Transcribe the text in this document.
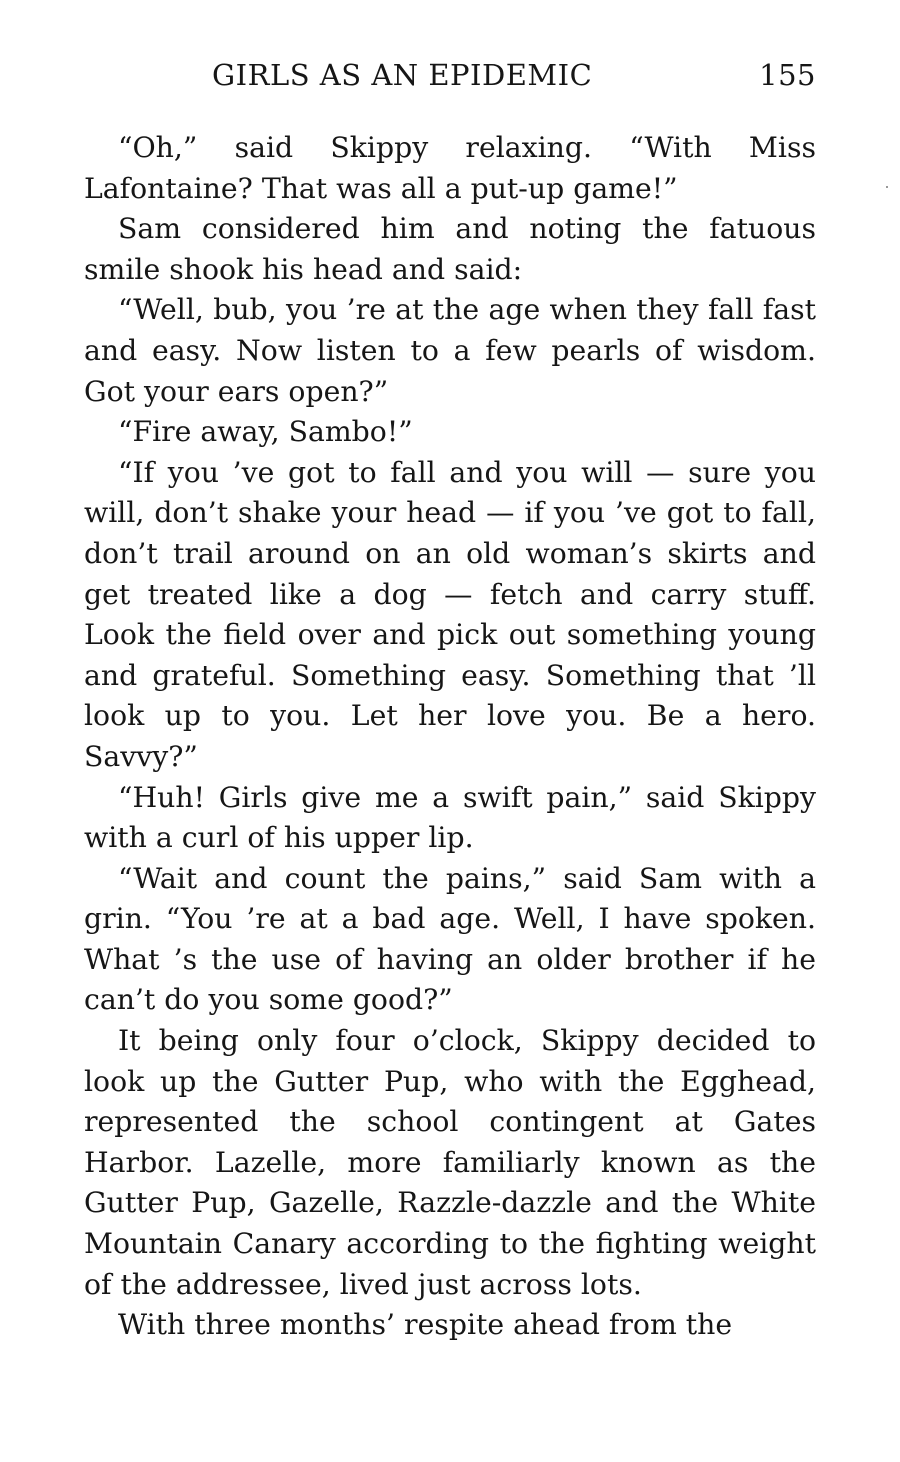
GIRLS AS AN EPIDEMIC	155

“Oh,” said Skippy relaxing. “With Miss Lafontaine? That was all a put-up game!”

Sam considered him and noting the fatuous smile shook his head and said:

“Well, bub, you ’re at the age when they fall fast and easy. Now listen to a few pearls of wisdom. Got your ears open?”

“Fire away, Sambo!”

“If you ’ve got to fall and you will — sure you will, don’t shake your head — if you ’ve got to fall, don’t trail around on an old woman’s skirts and get treated like a dog — fetch and carry stuff. Look the field over and pick out something young and grateful. Something easy. Something that ’ll look up to you. Let her love you. Be a hero. Savvy?”

“Huh! Girls give me a swift pain,” said Skippy with a curl of his upper lip.

“Wait and count the pains,” said Sam with a grin. “You ’re at a bad age. Well, I have spoken. What ’s the use of having an older brother if he can’t do you some good?”

It being only four o’clock, Skippy decided to look up the Gutter Pup, who with the Egghead, represented the school contingent at Gates Harbor. Lazelle, more familiarly known as the Gutter Pup, Gazelle, Razzle-dazzle and the White Mountain Canary according to the fighting weight of the addressee, lived just across lots.

With three months’ respite ahead from the
